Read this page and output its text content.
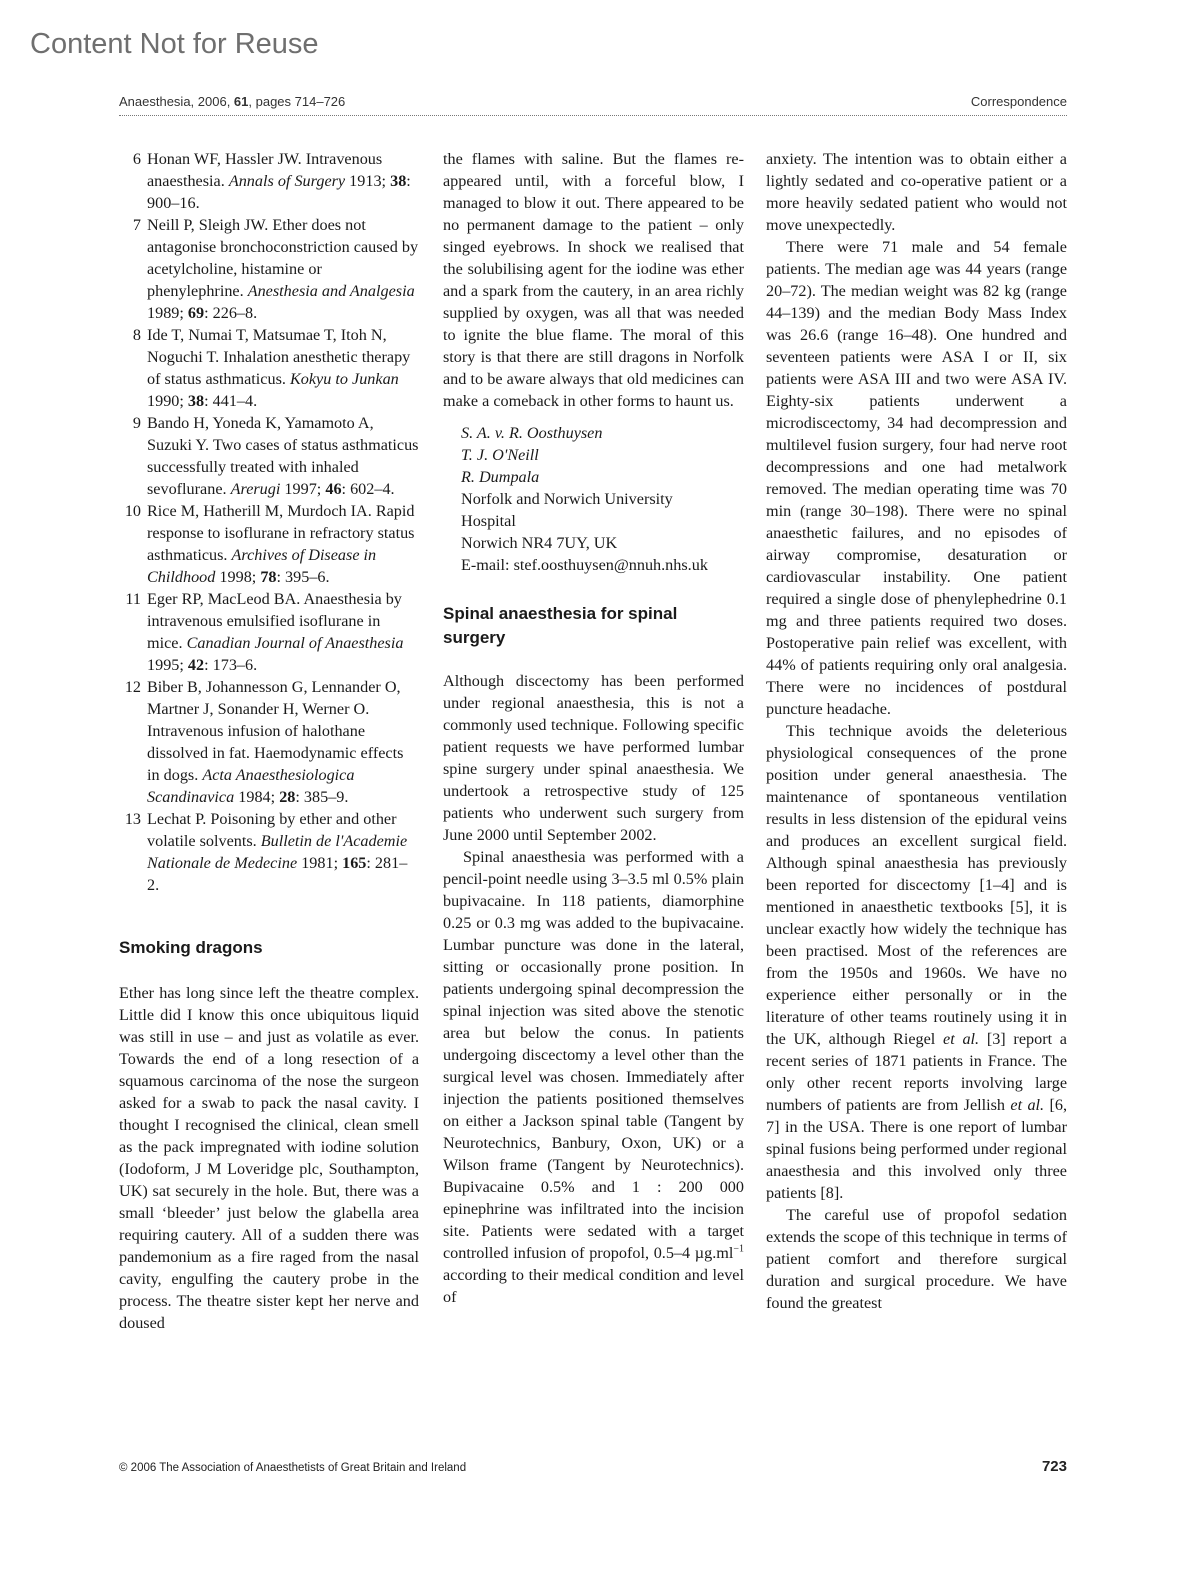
Content Not for Reuse
Anaesthesia, 2006, 61, pages 714–726	Correspondence
6 Honan WF, Hassler JW. Intravenous anaesthesia. Annals of Surgery 1913; 38: 900–16.
7 Neill P, Sleigh JW. Ether does not antagonise bronchoconstriction caused by acetylcholine, histamine or phenylephrine. Anesthesia and Analgesia 1989; 69: 226–8.
8 Ide T, Numai T, Matsumae T, Itoh N, Noguchi T. Inhalation anesthetic therapy of status asthmaticus. Kokyu to Junkan 1990; 38: 441–4.
9 Bando H, Yoneda K, Yamamoto A, Suzuki Y. Two cases of status asthmaticus successfully treated with inhaled sevoflurane. Arerugi 1997; 46: 602–4.
10 Rice M, Hatherill M, Murdoch IA. Rapid response to isoflurane in refractory status asthmaticus. Archives of Disease in Childhood 1998; 78: 395–6.
11 Eger RP, MacLeod BA. Anaesthesia by intravenous emulsified isoflurane in mice. Canadian Journal of Anaesthesia 1995; 42: 173–6.
12 Biber B, Johannesson G, Lennander O, Martner J, Sonander H, Werner O. Intravenous infusion of halothane dissolved in fat. Haemodynamic effects in dogs. Acta Anaesthesiologica Scandinavica 1984; 28: 385–9.
13 Lechat P. Poisoning by ether and other volatile solvents. Bulletin de l'Academie Nationale de Medecine 1981; 165: 281–2.
Smoking dragons

Ether has long since left the theatre complex. Little did I know this once ubiquitous liquid was still in use – and just as volatile as ever. Towards the end of a long resection of a squamous carcinoma of the nose the surgeon asked for a swab to pack the nasal cavity. I thought I recognised the clinical, clean smell as the pack impregnated with iodine solution (Iodoform, J M Loveridge plc, Southampton, UK) sat securely in the hole. But, there was a small ‘bleeder’ just below the glabella area requiring cautery. All of a sudden there was pandemonium as a fire raged from the nasal cavity, engulfing the cautery probe in the process. The theatre sister kept her nerve and doused

the flames with saline. But the flames re-appeared until, with a forceful blow, I managed to blow it out. There appeared to be no permanent damage to the patient – only singed eyebrows. In shock we realised that the solubilising agent for the iodine was ether and a spark from the cautery, in an area richly supplied by oxygen, was all that was needed to ignite the blue flame. The moral of this story is that there are still dragons in Norfolk and to be aware always that old medicines can make a comeback in other forms to haunt us.

S. A. v. R. Oosthuysen
T. J. O'Neill
R. Dumpala
Norfolk and Norwich University
Hospital
Norwich NR4 7UY, UK
E-mail: stef.oosthuysen@nnuh.nhs.uk
Spinal anaesthesia for spinal surgery

Although discectomy has been performed under regional anaesthesia, this is not a commonly used technique. Following specific patient requests we have performed lumbar spine surgery under spinal anaesthesia. We undertook a retrospective study of 125 patients who underwent such surgery from June 2000 until September 2002.

Spinal anaesthesia was performed with a pencil-point needle using 3–3.5 ml 0.5% plain bupivacaine. In 118 patients, diamorphine 0.25 or 0.3 mg was added to the bupivacaine. Lumbar puncture was done in the lateral, sitting or occasionally prone position. In patients undergoing spinal decompression the spinal injection was sited above the stenotic area but below the conus. In patients undergoing discectomy a level other than the surgical level was chosen. Immediately after injection the patients positioned themselves on either a Jackson spinal table (Tangent by Neurotechnics, Banbury, Oxon, UK) or a Wilson frame (Tangent by Neurotechnics). Bupivacaine 0.5% and 1 : 200 000 epinephrine was infiltrated into the incision site. Patients were sedated with a target controlled infusion of propofol, 0.5–4 $\mu g.ml^{-1}$ according to their medical condition and level of

anxiety. The intention was to obtain either a lightly sedated and co-operative patient or a more heavily sedated patient who would not move unexpectedly.

There were 71 male and 54 female patients. The median age was 44 years (range 20–72). The median weight was 82 kg (range 44–139) and the median Body Mass Index was 26.6 (range 16–48). One hundred and seventeen patients were ASA I or II, six patients were ASA III and two were ASA IV. Eighty-six patients underwent a microdiscectomy, 34 had decompression and multilevel fusion surgery, four had nerve root decompressions and one had metalwork removed. The median operating time was 70 min (range 30–198). There were no spinal anaesthetic failures, and no episodes of airway compromise, desaturation or cardiovascular instability. One patient required a single dose of phenylephedrine 0.1 mg and three patients required two doses. Postoperative pain relief was excellent, with 44% of patients requiring only oral analgesia. There were no incidences of postdural puncture headache.

This technique avoids the deleterious physiological consequences of the prone position under general anaesthesia. The maintenance of spontaneous ventilation results in less distension of the epidural veins and produces an excellent surgical field. Although spinal anaesthesia has previously been reported for discectomy [1–4] and is mentioned in anaesthetic textbooks [5], it is unclear exactly how widely the technique has been practised. Most of the references are from the 1950s and 1960s. We have no experience either personally or in the literature of other teams routinely using it in the UK, although Riegel et al. [3] report a recent series of 1871 patients in France. The only other recent reports involving large numbers of patients are from Jellish et al. [6, 7] in the USA. There is one report of lumbar spinal fusions being performed under regional anaesthesia and this involved only three patients [8].

The careful use of propofol sedation extends the scope of this technique in terms of patient comfort and therefore surgical duration and surgical procedure. We have found the greatest

© 2006 The Association of Anaesthetists of Great Britain and Ireland	723
